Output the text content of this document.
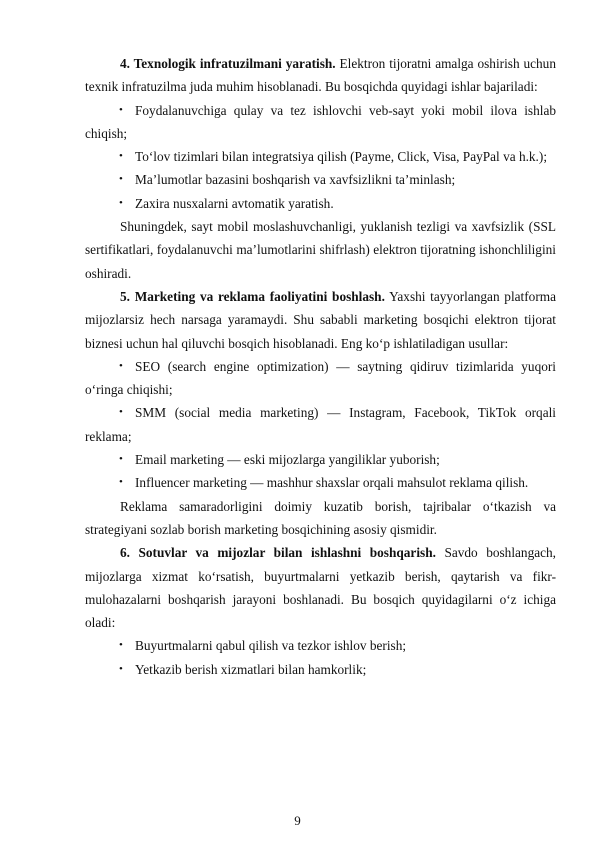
4. Texnologik infratuzilmani yaratish. Elektron tijoratni amalga oshirish uchun texnik infratuzilma juda muhim hisoblanadi. Bu bosqichda quyidagi ishlar bajariladi:

• Foydalanuvchiga qulay va tez ishlovchi veb-sayt yoki mobil ilova ishlab chiqish;

• To‘lov tizimlari bilan integratsiya qilish (Payme, Click, Visa, PayPal va h.k.);

• Ma’lumotlar bazasini boshqarish va xavfsizlikni ta’minlash;

• Zaxira nusxalarni avtomatik yaratish.

Shuningdek, sayt mobil moslashuvchanligi, yuklanish tezligi va xavfsizlik (SSL sertifikatlari, foydalanuvchi ma’lumotlarini shifrlash) elektron tijoratning ishonchliligini oshiradi.

5. Marketing va reklama faoliyatini boshlash. Yaxshi tayyorlangan platforma mijozlarsiz hech narsaga yaramaydi. Shu sababli marketing bosqichi elektron tijorat biznesi uchun hal qiluvchi bosqich hisoblanadi. Eng ko‘p ishlatiladigan usullar:

• SEO (search engine optimization) — saytning qidiruv tizimlarida yuqori o‘ringa chiqishi;

• SMM (social media marketing) — Instagram, Facebook, TikTok orqali reklama;

• Email marketing — eski mijozlarga yangiliklar yuborish;

• Influencer marketing — mashhur shaxslar orqali mahsulot reklama qilish.

Reklama samaradorligini doimiy kuzatib borish, tajribalar o‘tkazish va strategiyani sozlab borish marketing bosqichining asosiy qismidir.

6. Sotuvlar va mijozlar bilan ishlashni boshqarish. Savdo boshlangach, mijozlarga xizmat ko‘rsatish, buyurtmalarni yetkazib berish, qaytarish va fikr-mulohazalarni boshqarish jarayoni boshlanadi. Bu bosqich quyidagilarni o‘z ichiga oladi:

• Buyurtmalarni qabul qilish va tezkor ishlov berish;

• Yetkazib berish xizmatlari bilan hamkorlik;

9
